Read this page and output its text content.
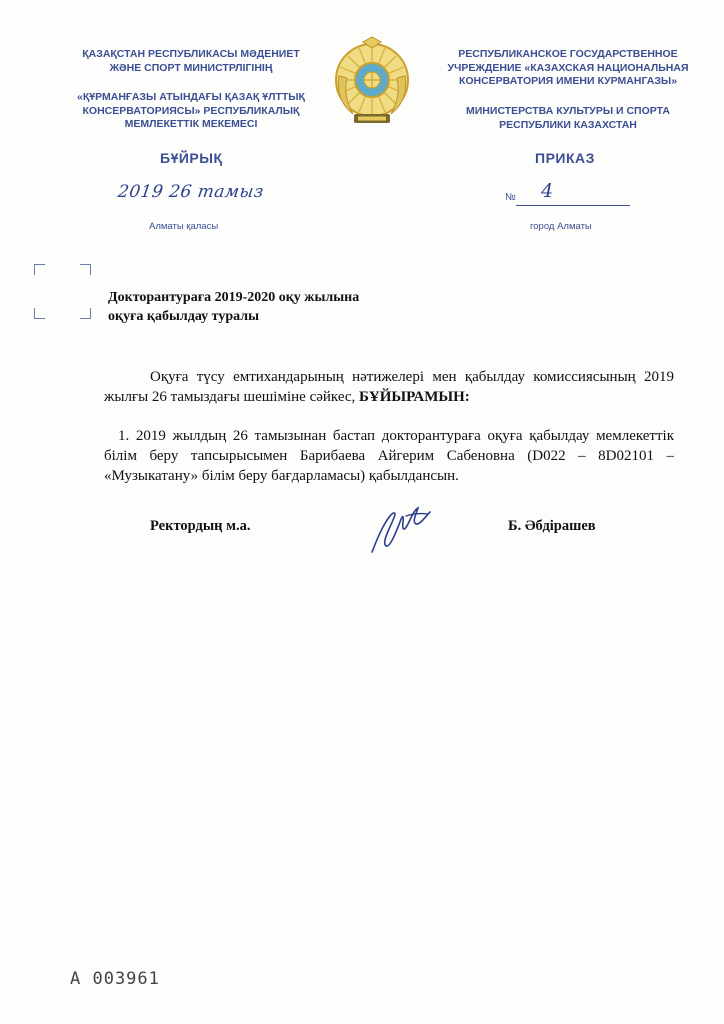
ҚАЗАҚСТАН РЕСПУБЛИКАСЫ МӘДЕНИЕТ
ЖӘНЕ СПОРТ МИНИСТРЛІГІНІҢ
«ҚҰРМАНҒАЗЫ АТЫНДАҒЫ ҚАЗАҚ ҰЛТТЫҚ
КОНСЕРВАТОРИЯСЫ» РЕСПУБЛИКАЛЫҚ
МЕМЛЕКЕТТІК МЕКЕМЕСІ
РЕСПУБЛИКАНСКОЕ ГОСУДАРСТВЕННОЕ
УЧРЕЖДЕНИЕ «КАЗАХСКАЯ НАЦИОНАЛЬНАЯ
КОНСЕРВАТОРИЯ ИМЕНИ КУРМАНГАЗЫ»
МИНИСТЕРСТВА КУЛЬТУРЫ И СПОРТА
РЕСПУБЛИКИ КАЗАХСТАН
БҰЙРЫҚ	ПРИКАЗ
2019 26 тамыз	№ 4
Алматы қаласы	город Алматы
Докторантураға 2019-2020 оқу жылына
оқуға қабылдау туралы
Оқуға түсу емтихандарының нәтижелері мен қабылдау комиссиясының 2019 жылғы 26 тамыздағы шешіміне сәйкес, БҰЙЫРАМЫН:
1. 2019 жылдың 26 тамызынан бастап докторантураға оқуға қабылдау мемлекеттік білім беру тапсырысымен Барибаева Айгерим Сабеновна (D022 – 8D02101 – «Музыкатану» білім беру бағдарламасы) қабылдансын.
Ректордың м.а.	Б. Әбдірашев
А 003961
